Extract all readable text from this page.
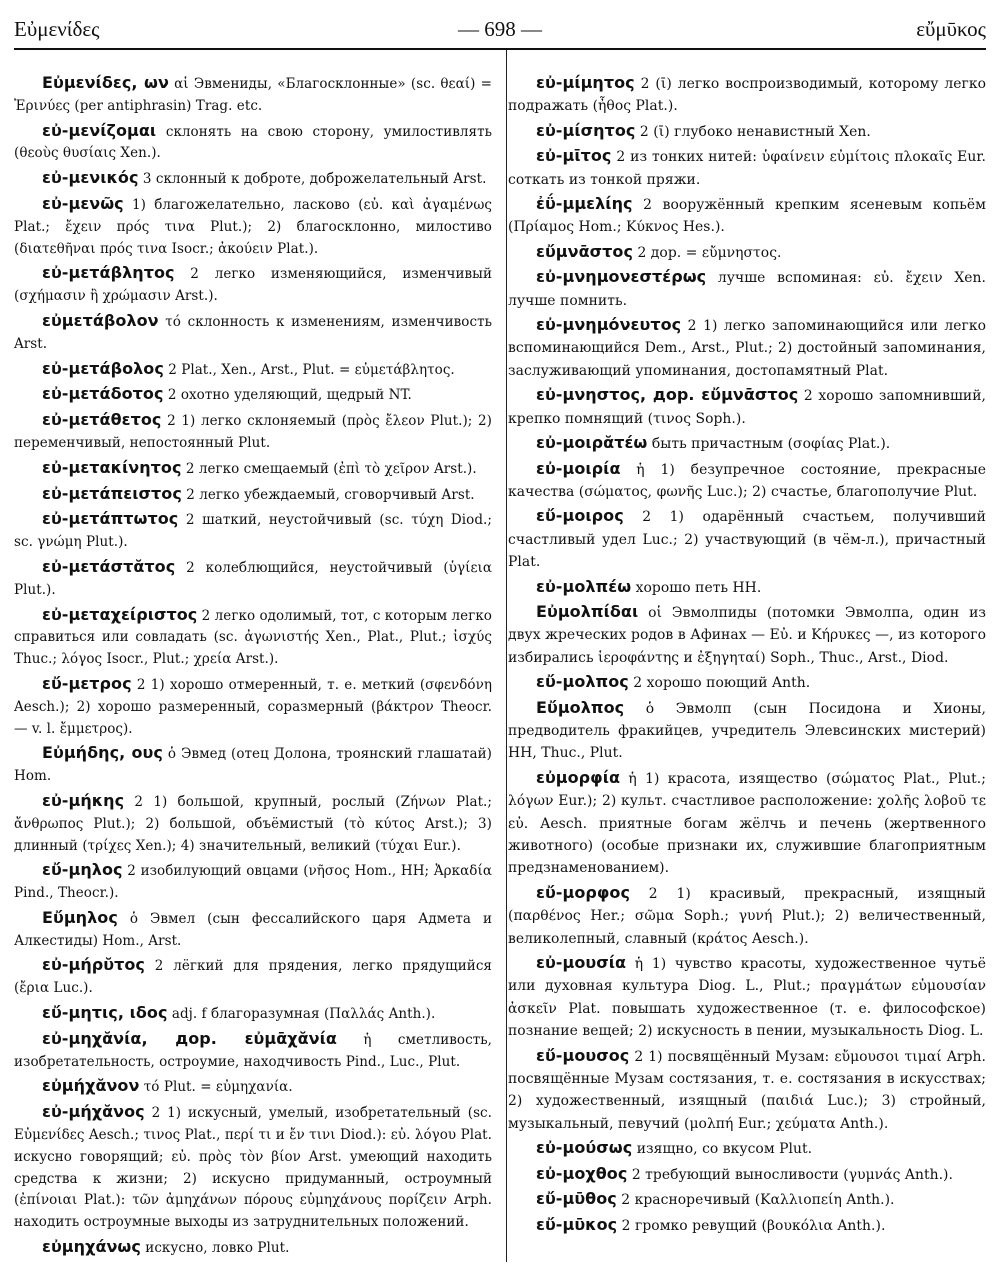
Εὐμενίδες	— 698 —	εὔμῡκος

Εὐμενίδες, ων αἱ Эвмениды, «Благосклонные» (sc. θεαί) = Ἐρινύες (per antiphrasin) Trag. etc.

εὐ-μενίζομαι склонять на свою сторону, умилостивлять (θεοὺς θυσίαις Xen.).

εὐ-μενικός 3 склонный к доброте, доброжелательный Arst.

εὐ-μενῶς 1) благожелательно, ласково (εὐ. καὶ ἀγαμένως Plat.; ἔχειν πρός τινα Plut.); 2) благосклонно, милостиво (διατεθῆναι πρός τινα Isocr.; ἀκούειν Plat.).

εὐ-μετάβλητος 2 легко изменяющийся, изменчивый (σχήμασιν ἢ χρώμασιν Arst.).

εὐμετάβολον τό склонность к изменениям, изменчивость Arst.

εὐ-μετάβολος 2 Plat., Xen., Arst., Plut. = εὐμετάβλητος.

εὐ-μετάδοτος 2 охотно уделяющий, щедрый NT.

εὐ-μετάθετος 2 1) легко склоняемый (πρὸς ἔλεον Plut.); 2) переменчивый, непостоянный Plut.

εὐ-μετακίνητος 2 легко смещаемый (ἐπὶ τὸ χεῖρον Arst.).

εὐ-μετάπειστος 2 легко убеждаемый, сговорчивый Arst.

εὐ-μετάπτωτος 2 шаткий, неустойчивый (sc. τύχη Diod.; sc. γνώμη Plut.).

εὐ-μετάστᾰτος 2 колеблющийся, неустойчивый (ὑγίεια Plut.).

εὐ-μεταχείριστος 2 легко одолимый, тот, с которым легко справиться или совладать (sc. ἀγωνιστής Xen., Plat., Plut.; ἰσχύς Thuc.; λόγος Isocr., Plut.; χρεία Arst.).

εὔ-μετρος 2 1) хорошо отмеренный, т. е. меткий (σφενδόνη Aesch.); 2) хорошо размеренный, соразмерный (βάκτρον Theocr. — v. l. ἔμμετρος).

Εὐμήδης, ους ὁ Эвмед (отец Долона, троянский глашатай) Hom.

εὐ-μήκης 2 1) большой, крупный, рослый (Ζήνων Plat.; ἄνθρωπος Plut.); 2) большой, объёмистый (τὸ κύτος Arst.); 3) длинный (τρίχες Xen.); 4) значительный, великий (τύχαι Eur.).

εὔ-μηλος 2 изобилующий овцами (νῆσος Hom., HH; Ἀρκαδία Pind., Theocr.).

Εὔμηλος ὁ Эвмел (сын фессалийского царя Адмета и Алкестиды) Hom., Arst.

εὐ-μήρῠτος 2 лёгкий для прядения, легко прядущийся (ἔρια Luc.).

εὔ-μητις, ιδος adj. f благоразумная (Παλλάς Anth.).

εὐ-μηχᾰνία, дор. εὐμᾱχᾰνία ἡ сметливость, изобретательность, остроумие, находчивость Pind., Luc., Plut.

εὐμήχᾰνον τό Plut. = εὐμηχανία.

εὐ-μήχᾰνος 2 1) искусный, умелый, изобретательный (sc. Εὐμενίδες Aesch.; τινος Plat., περί τι и ἔν τινι Diod.): εὐ. λόγου Plat. искусно говорящий; εὐ. πρὸς τὸν βίον Arst. умеющий находить средства к жизни; 2) искусно придуманный, остроумный (ἐπίνοιαι Plat.): τῶν ἀμηχάνων πόρους εὐμηχάνους πορίζειν Arph. находить остроумные выходы из затруднительных положений.

εὐμηχάνως искусно, ловко Plut.

εὐ-μίμητος 2 (ῑ) легко воспроизводимый, которому легко подражать (ἦθος Plat.).

εὐ-μίσητος 2 (ῑ) глубоко ненавистный Xen.

εὐ-μῑτος 2 из тонких нитей: ὑφαίνειν εὐμίτοις πλοκαῖς Eur. соткать из тонкой пряжи.

ἐΰ-μμελίης 2 вооружённый крепким ясеневым копьём (Πρίαμος Hom.; Κύκνος Hes.).

εὔμνᾱστος 2 дор. = εὔμνηστος.

εὐ-μνημονεστέρως лучше вспоминая: εὐ. ἔχειν Xen. лучше помнить.

εὐ-μνημόνευτος 2 1) легко запоминающийся или легко вспоминающийся Dem., Arst., Plut.; 2) достойный запоминания, заслуживающий упоминания, достопамятный Plat.

εὐ-μνηστος, дор. εὔμνᾱστος 2 хорошо запомнивший, крепко помнящий (τινος Soph.).

εὐ-μοιρᾰτέω быть причастным (σοφίας Plat.).

εὐ-μοιρία ἡ 1) безупречное состояние, прекрасные качества (σώματος, φωνῆς Luc.); 2) счастье, благополучие Plut.

εὔ-μοιρος 2 1) одарённый счастьем, получивший счастливый удел Luc.; 2) участвующий (в чём-л.), причастный Plat.

εὐ-μολπέω хорошо петь HH.

Εὐμολπίδαι οἱ Эвмолпиды (потомки Эвмолпа, один из двух жреческих родов в Афинах — Εὐ. и Κήρυκες —, из которого избирались ἱεροφάντης и ἐξηγηταί) Soph., Thuc., Arst., Diod.

εὔ-μολπος 2 хорошо поющий Anth.

Εὔμολπος ὁ Эвмолп (сын Посидона и Хионы, предводитель фракийцев, учредитель Элевсинских мистерий) HH, Thuc., Plut.

εὐμορφία ἡ 1) красота, изящество (σώματος Plat., Plut.; λόγων Eur.); 2) культ. счастливое расположение: χολῆς λοβοῦ τε εὐ. Aesch. приятные богам жёлчь и печень (жертвенного животного) (особые признаки их, служившие благоприятным предзнаменованием).

εὔ-μορφος 2 1) красивый, прекрасный, изящный (παρθένος Her.; σῶμα Soph.; γυνή Plut.); 2) величественный, великолепный, славный (κράτος Aesch.).

εὐ-μουσία ἡ 1) чувство красоты, художественное чутьё или духовная культура Diog. L., Plut.; πραγμάτων εὐμουσίαν ἀσκεῖν Plat. повышать художественное (т. е. философское) познание вещей; 2) искусность в пении, музыкальность Diog. L.

εὔ-μουσος 2 1) посвящённый Музам: εὔμουσοι τιμαί Arph. посвящённые Музам состязания, т. е. состязания в искусствах; 2) художественный, изящный (παιδιά Luc.); 3) стройный, музыкальный, певучий (μολπή Eur.; χεύματα Anth.).

εὐ-μούσως изящно, со вкусом Plut.

εὐ-μοχθος 2 требующий выносливости (γυμνάς Anth.).

εὔ-μῡθος 2 красноречивый (Καλλιοπείη Anth.).

εὔ-μῡκος 2 громко ревущий (βουκόλια Anth.).
